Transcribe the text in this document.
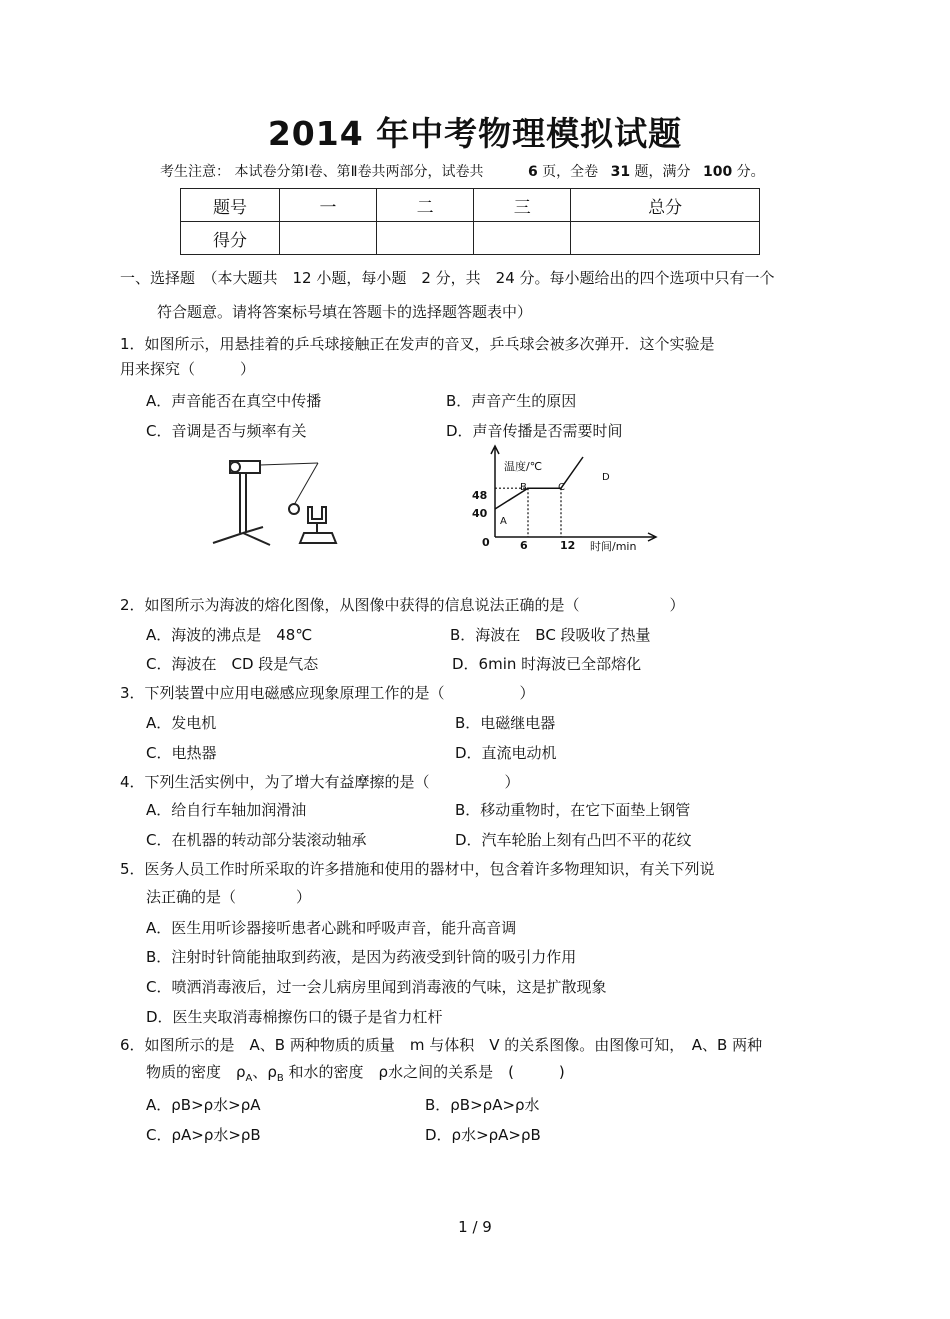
2014 年中考物理模拟试题
考生注意： 本试卷分第Ⅰ卷、第Ⅱ卷共两部分，试卷共	6 页，全卷 31 题，满分 100 分。
题号	一	二	三	总分
得分				
一、选择题　（本大题共　12 小题，每小题　2 分，共　24 分。每小题给出的四个选项中只有一个
符合题意。请将答案标号填在答题卡的选择题答题表中）
1．如图所示，用悬挂着的乒乓球接触正在发声的音叉，乒乓球会被多次弹开．这个实验是
用来探究（　　　）
A．声音能否在真空中传播	B．声音产生的原因
C．音调是否与频率有关	D．声音传播是否需要时间
温度/℃
时间/min
0
48
40
6	12
A
B	C
D
2．如图所示为海波的熔化图像，从图像中获得的信息说法正确的是（　　　　　　）
A．海波的沸点是　48℃	B．海波在　BC 段吸收了热量
C．海波在　CD 段是气态	D．6min 时海波已全部熔化
3．下列装置中应用电磁感应现象原理工作的是（　　　　　）
A．发电机	B．电磁继电器
C．电热器	D．直流电动机
4．下列生活实例中，为了增大有益摩擦的是（　　　　　）
A．给自行车轴加润滑油	B．移动重物时，在它下面垫上钢管
C．在机器的转动部分装滚动轴承	D．汽车轮胎上刻有凸凹不平的花纹
5．医务人员工作时所采取的许多措施和使用的器材中，包含着许多物理知识，有关下列说
法正确的是（　　　　）
A．医生用听诊器接听患者心跳和呼吸声音，能升高音调
B．注射时针筒能抽取到药液，是因为药液受到针筒的吸引力作用
C．喷洒消毒液后，过一会儿病房里闻到消毒液的气味，这是扩散现象
D．医生夹取消毒棉擦伤口的镊子是省力杠杆
6．如图所示的是　A、B 两种物质的质量　m 与体积　V 的关系图像。由图像可知，　A、B 两种
物质的密度　$\rho_A$、$\rho_B$ 和水的密度　ρ水之间的关系是　(　　　)
A．ρB>ρ水>ρA	B．ρB>ρA>ρ水
C．ρA>ρ水>ρB	D．ρ水>ρA>ρB
1 / 9
